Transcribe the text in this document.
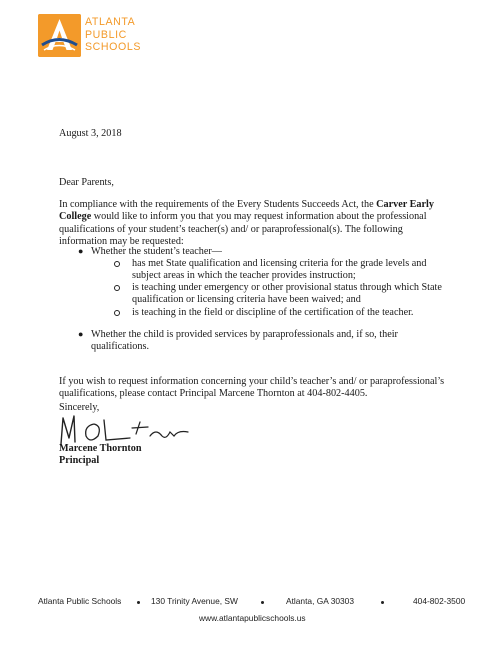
ATLANTA
PUBLIC
SCHOOLS
August 3, 2018
Dear Parents,
In compliance with the requirements of the Every Students Succeeds Act, the Carver Early College would like to inform you that you may request information about the professional qualifications of your student’s teacher(s) and/ or paraprofessional(s). The following information may be requested:
● Whether the student’s teacher—
has met State qualification and licensing criteria for the grade levels and subject areas in which the teacher provides instruction;
is teaching under emergency or other provisional status through which State qualification or licensing criteria have been waived; and
is teaching in the field or discipline of the certification of the teacher.
● Whether the child is provided services by paraprofessionals and, if so, their qualifications.
If you wish to request information concerning your child’s teacher’s and/ or paraprofessional’s qualifications, please contact Principal Marcene Thornton at 404-802-4405.
Sincerely,
Marcene Thornton
Principal
Atlanta Public Schools	130 Trinity Avenue, SW	Atlanta, GA 30303	404-802-3500
www.atlantapublicschools.us
